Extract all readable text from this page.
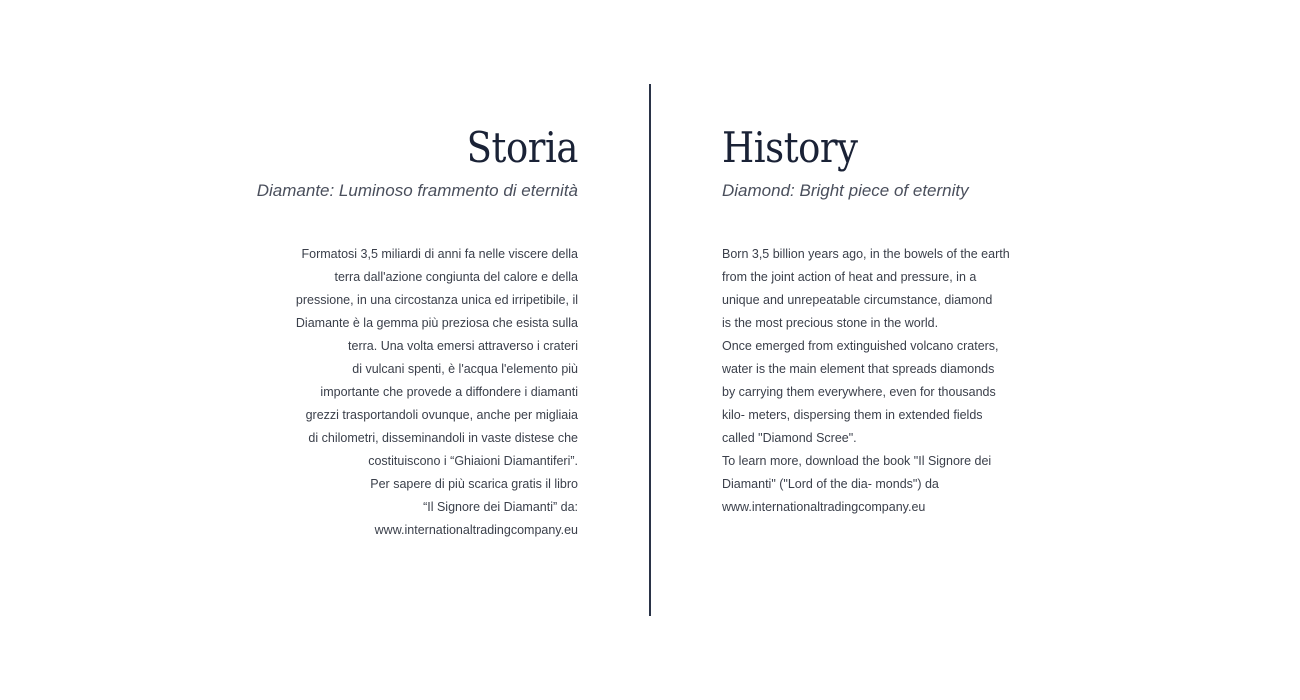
Storia

Diamante: Luminoso frammento di eternità

Formatosi 3,5 miliardi di anni fa nelle viscere della
terra dall'azione congiunta del calore e della
pressione, in una circostanza unica ed irripetibile, il
Diamante è la gemma più preziosa che esista sulla
terra. Una volta emersi attraverso i crateri
di vulcani spenti, è l'acqua l'elemento più
importante che provede a diffondere i diamanti
grezzi trasportandoli ovunque, anche per migliaia
di chilometri, disseminandoli in vaste distese che
costituiscono i “Ghiaioni Diamantiferi”.
Per sapere di più scarica gratis il libro
“Il Signore dei Diamanti” da:
www.internationaltradingcompany.eu
History

Diamond: Bright piece of eternity

Born 3,5 billion years ago, in the bowels of the earth
from the joint action of heat and pressure, in a
unique and unrepeatable circumstance, diamond
is the most precious stone in the world.
Once emerged from extinguished volcano craters,
water is the main element that spreads diamonds
by carrying them everywhere, even for thousands
kilo- meters, dispersing them in extended fields
called "Diamond Scree".
To learn more, download the book "Il Signore dei
Diamanti" ("Lord of the dia- monds") da
www.internationaltradingcompany.eu
